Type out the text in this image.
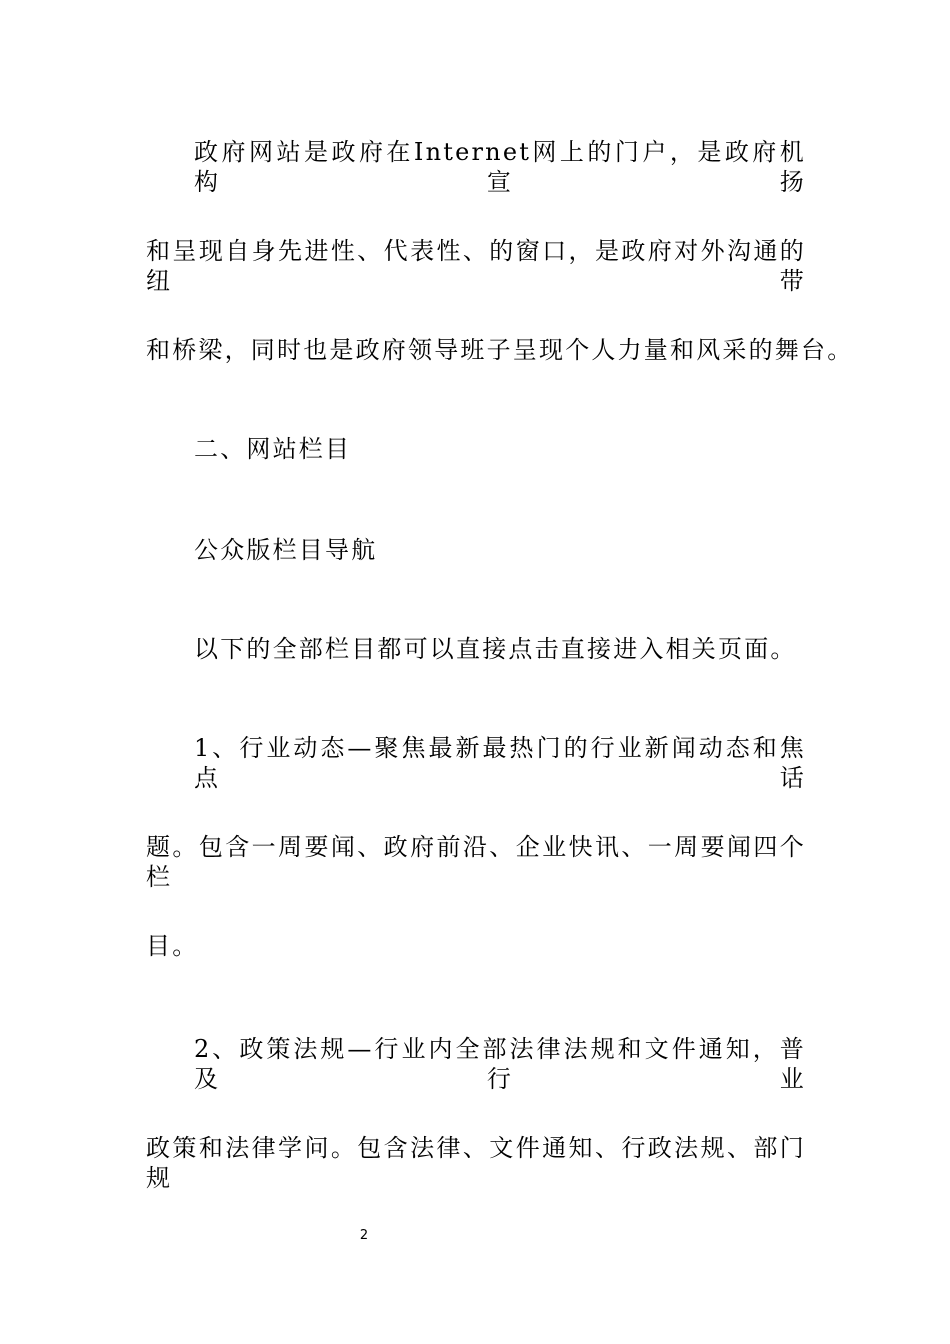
政府网站是政府在Internet网上的门户，是政府机构宣扬
和呈现自身先进性、代表性、的窗口，是政府对外沟通的纽带
和桥梁，同时也是政府领导班子呈现个人力量和风采的舞台。
二、网站栏目
公众版栏目导航
以下的全部栏目都可以直接点击直接进入相关页面。
1、行业动态—聚焦最新最热门的行业新闻动态和焦点话
题。包含一周要闻、政府前沿、企业快讯、一周要闻四个栏
目。
2、政策法规—行业内全部法律法规和文件通知，普及行业
政策和法律学问。包含法律、文件通知、行政法规、部门规
2
